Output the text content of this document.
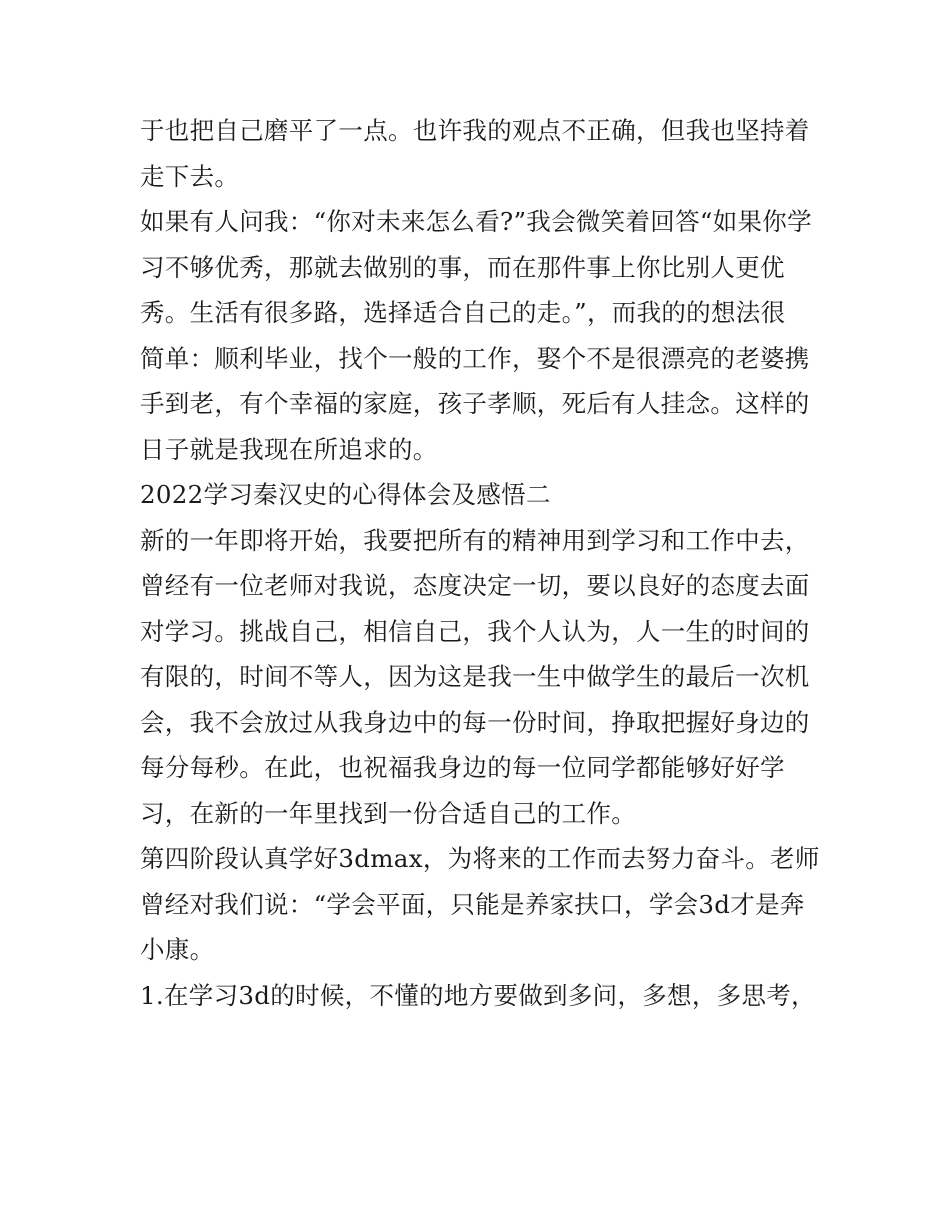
于也把自己磨平了一点。也许我的观点不正确，但我也坚持着
走下去。
如果有人问我：“你对未来怎么看?”我会微笑着回答“如果你学
习不够优秀，那就去做别的事，而在那件事上你比别人更优
秀。生活有很多路，选择适合自己的走。”，而我的的想法很
简单：顺利毕业，找个一般的工作，娶个不是很漂亮的老婆携
手到老，有个幸福的家庭，孩子孝顺，死后有人挂念。这样的
日子就是我现在所追求的。
2022学习秦汉史的心得体会及感悟二
新的一年即将开始，我要把所有的精神用到学习和工作中去，
曾经有一位老师对我说，态度决定一切，要以良好的态度去面
对学习。挑战自己，相信自己，我个人认为，人一生的时间的
有限的，时间不等人，因为这是我一生中做学生的最后一次机
会，我不会放过从我身边中的每一份时间，挣取把握好身边的
每分每秒。在此，也祝福我身边的每一位同学都能够好好学
习，在新的一年里找到一份合适自己的工作。
第四阶段认真学好3dmax，为将来的工作而去努力奋斗。老师
曾经对我们说：“学会平面，只能是养家扶口，学会3d才是奔
小康。
1.在学习3d的时候，不懂的地方要做到多问，多想，多思考，
